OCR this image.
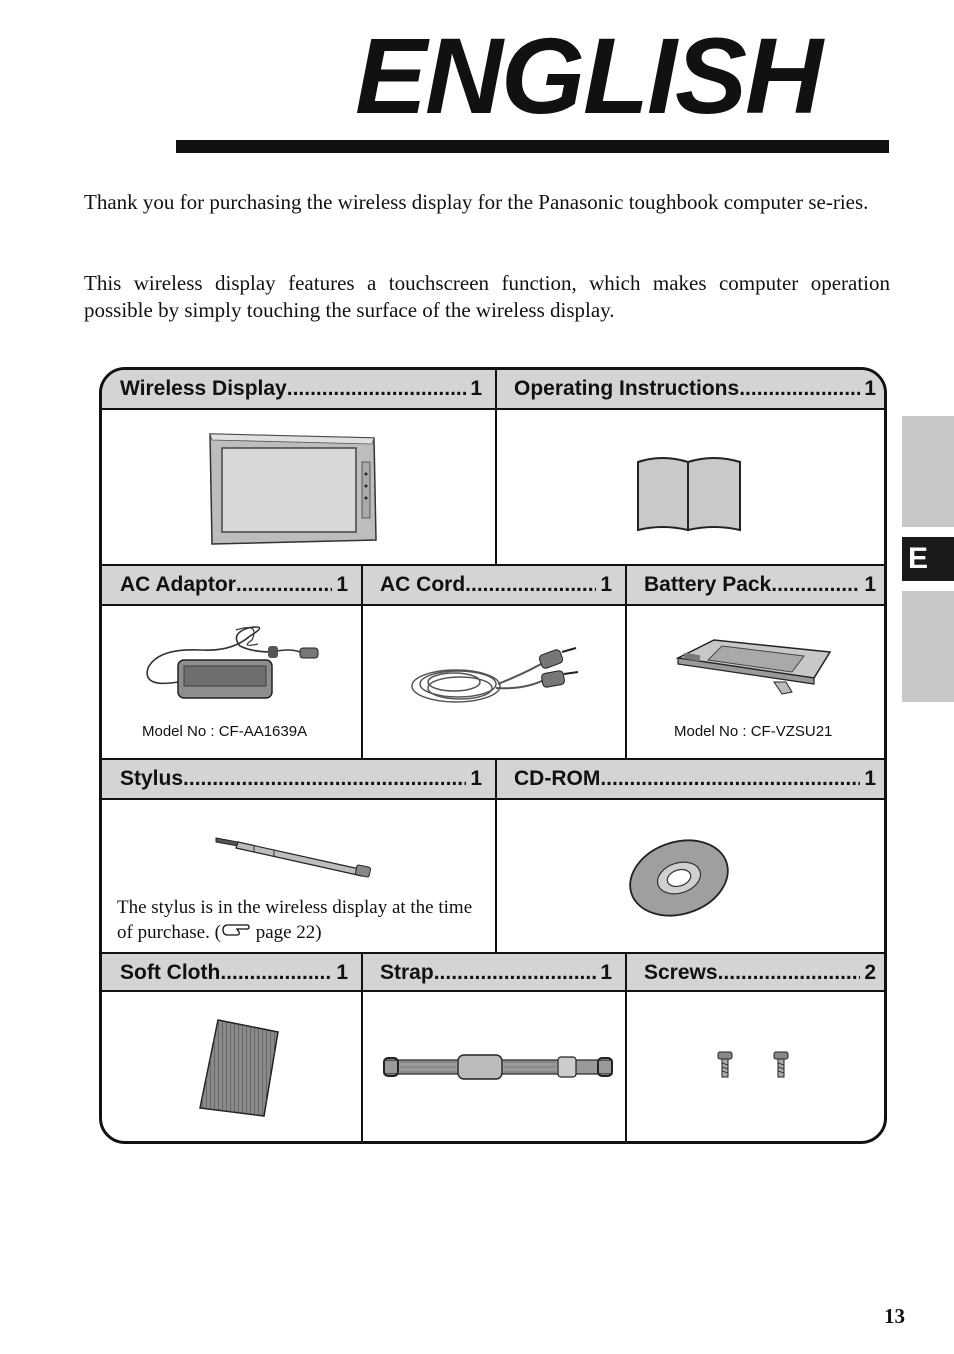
ENGLISH

Thank you for purchasing the wireless display for the Panasonic toughbook computer se-ries.

This wireless display features a touchscreen function, which makes computer operation possible by simply touching the surface of the wireless display.

E
Wireless Display .....	1 Operating Instructions .....	1
AC Adaptor .....	1 AC Cord .....	1 Battery Pack .....	1
Stylus .....	1 CD-ROM .....	1
Soft Cloth .....	1 Strap .....	1 Screws .....	2
Model No : CF-AA1639A	Model No : CF-VZSU21
The stylus is in the wireless display at the time of purchase. ( page 22)
13
